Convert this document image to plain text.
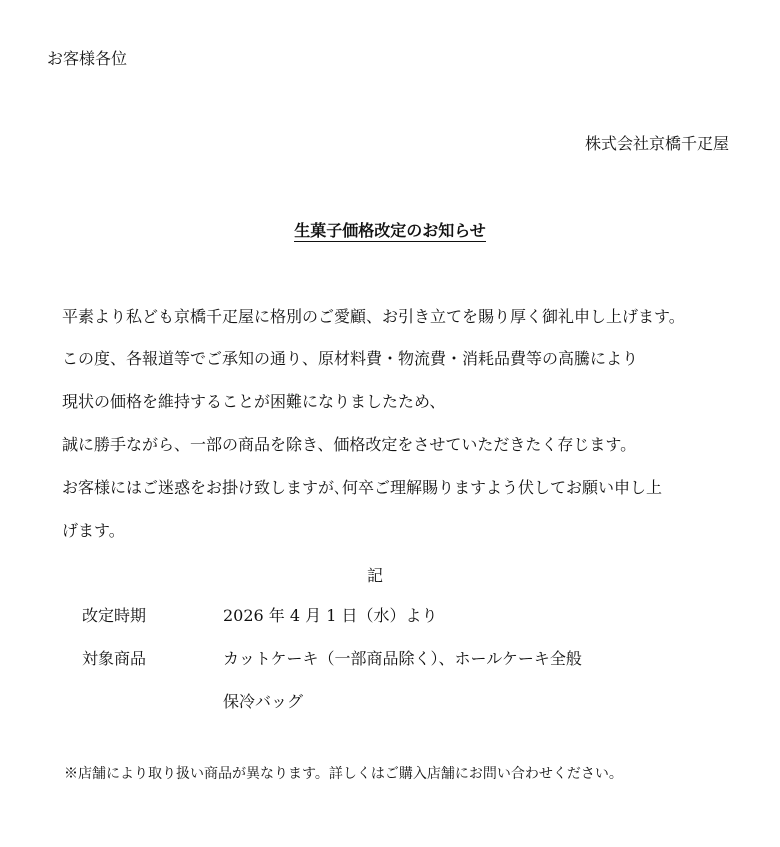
お客様各位
株式会社京橋千疋屋
生菓子価格改定のお知らせ
平素より私ども京橋千疋屋に格別のご愛顧、お引き立てを賜り厚く御礼申し上げます。
この度、各報道等でご承知の通り、原材料費・物流費・消耗品費等の高騰により
現状の価格を維持することが困難になりましたため、
誠に勝手ながら、一部の商品を除き、価格改定をさせていただきたく存じます。
お客様にはご迷惑をお掛け致しますが､何卒ご理解賜りますよう伏してお願い申し上
げます。
記
改定時期	2026 年 4 月 1 日（水）より
対象商品	カットケーキ（一部商品除く）、ホールケーキ全般
保冷バッグ
※店舗により取り扱い商品が異なります。詳しくはご購入店舗にお問い合わせください。
